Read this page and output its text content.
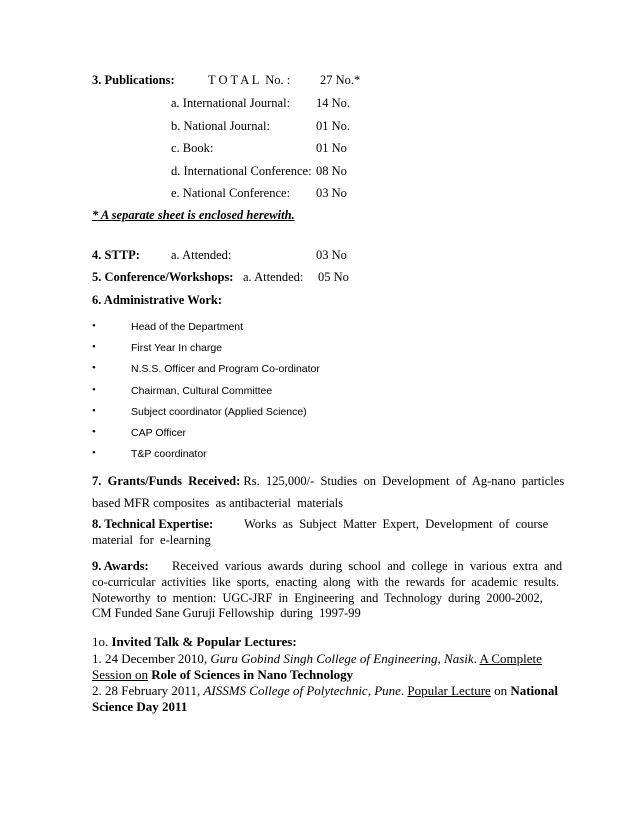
3. Publications:	T O T A L  No. : 27 No.*
a. International Journal: 14 No.
b. National Journal:	01 No.
c. Book:	01 No
d. International Conference: 08 No
e. National Conference: 03 No
* A separate sheet is enclosed herewith.
4. STTP: a. Attended:	03 No
5. Conference/Workshops: a. Attended: 05 No
6. Administrative Work:
•	Head of the Department
•	First Year In charge
•	N.S.S. Officer and Program Co-ordinator
•	Chairman, Cultural Committee
•	Subject coordinator (Applied Science)
•	CAP Officer
•	T&P coordinator
7.  Grants/Funds  Received: Rs.  125,000/-  Studies  on  Development  of  Ag-nano  particles
based MFR composites  as antibacterial  materials
8. Technical Expertise: Works  as  Subject  Matter  Expert,  Development  of  course
material  for  e-learning
9. Awards: Received  various  awards  during  school  and  college  in  various  extra  and
co-curricular  activities  like  sports,  enacting  along  with  the  rewards  for  academic  results.
Noteworthy  to  mention:  UGC-JRF  in  Engineering  and  Technology  during  2000-2002,
CM Funded Sane Guruji Fellowship  during  1997-99
1o. Invited Talk & Popular Lectures:
1. 24 December 2010, Guru Gobind Singh College of Engineering, Nasik. A Complete
Session on Role of Sciences in Nano Technology
2. 28 February 2011, AISSMS College of Polytechnic, Pune. Popular Lecture on National
Science Day 2011
